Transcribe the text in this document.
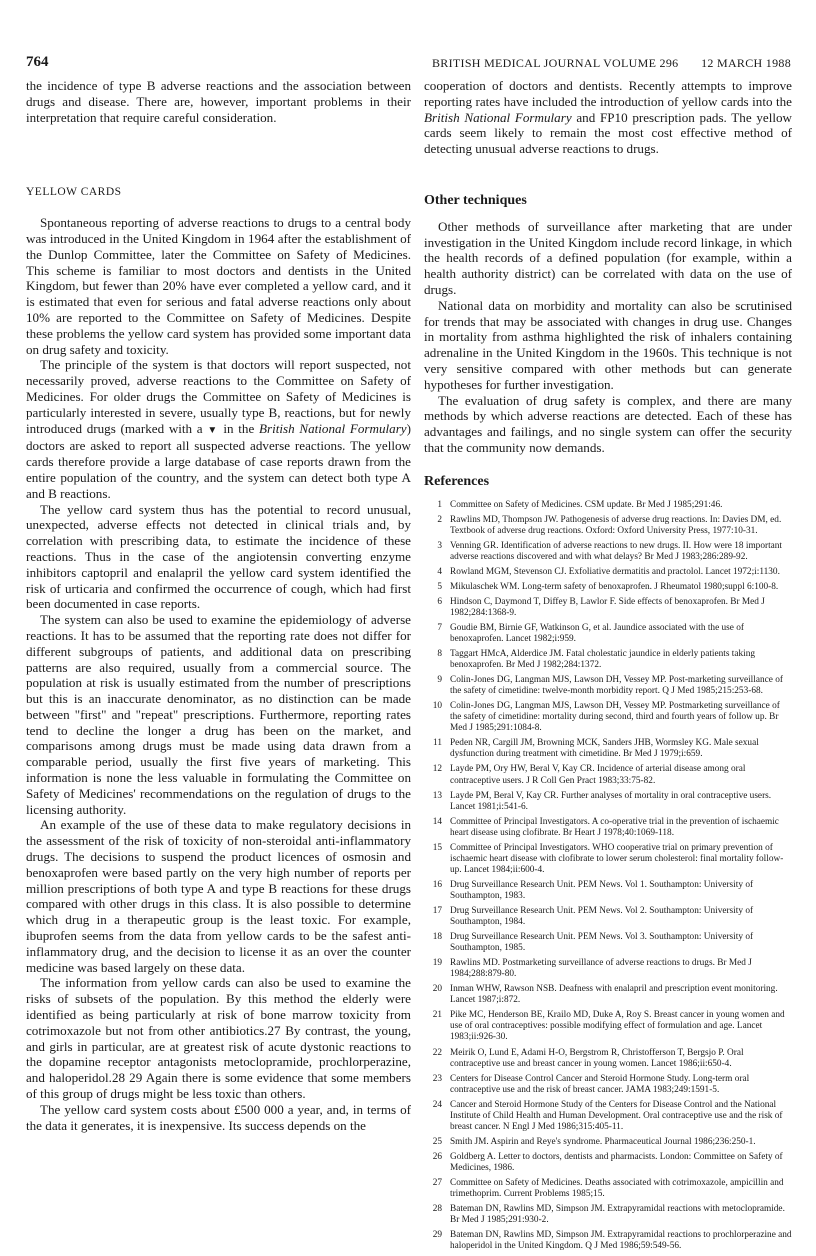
764	BRITISH MEDICAL JOURNAL VOLUME 296 12 MARCH 1988

the incidence of type B adverse reactions and the association between drugs and disease. There are, however, important problems in their interpretation that require careful consideration.

YELLOW CARDS

Spontaneous reporting of adverse reactions to drugs to a central body was introduced in the United Kingdom in 1964 after the establishment of the Dunlop Committee, later the Committee on Safety of Medicines. This scheme is familiar to most doctors and dentists in the United Kingdom, but fewer than 20% have ever completed a yellow card, and it is estimated that even for serious and fatal adverse reactions only about 10% are reported to the Committee on Safety of Medicines. Despite these problems the yellow card system has provided some important data on drug safety and toxicity.

The principle of the system is that doctors will report suspected, not necessarily proved, adverse reactions to the Committee on Safety of Medicines. For older drugs the Committee on Safety of Medicines is particularly interested in severe, usually type B, reactions, but for newly introduced drugs (marked with a ▼ in the British National Formulary) doctors are asked to report all suspected adverse reactions. The yellow cards therefore provide a large database of case reports drawn from the entire population of the country, and the system can detect both type A and B reactions.

The yellow card system thus has the potential to record unusual, unexpected, adverse effects not detected in clinical trials and, by correlation with prescribing data, to estimate the incidence of these reactions. Thus in the case of the angiotensin converting enzyme inhibitors captopril and enalapril the yellow card system identified the risk of urticaria and confirmed the occurrence of cough, which had first been documented in case reports.

The system can also be used to examine the epidemiology of adverse reactions. It has to be assumed that the reporting rate does not differ for different subgroups of patients, and additional data on prescribing patterns are also required, usually from a commercial source. The population at risk is usually estimated from the number of prescriptions but this is an inaccurate denominator, as no distinction can be made between "first" and "repeat" prescriptions. Furthermore, reporting rates tend to decline the longer a drug has been on the market, and comparisons among drugs must be made using data drawn from a comparable period, usually the first five years of marketing. This information is none the less valuable in formulating the Committee on Safety of Medicines' recommendations on the regulation of drugs to the licensing authority.

An example of the use of these data to make regulatory decisions in the assessment of the risk of toxicity of non-steroidal anti-inflammatory drugs. The decisions to suspend the product licences of osmosin and benoxaprofen were based partly on the very high number of reports per million prescriptions of both type A and type B reactions for these drugs compared with other drugs in this class. It is also possible to determine which drug in a therapeutic group is the least toxic. For example, ibuprofen seems from the data from yellow cards to be the safest anti-inflammatory drug, and the decision to license it as an over the counter medicine was based largely on these data.

The information from yellow cards can also be used to examine the risks of subsets of the population. By this method the elderly were identified as being particularly at risk of bone marrow toxicity from cotrimoxazole but not from other antibiotics.27 By contrast, the young, and girls in particular, are at greatest risk of acute dystonic reactions to the dopamine receptor antagonists metoclopramide, prochlorperazine, and haloperidol.28 29 Again there is some evidence that some members of this group of drugs might be less toxic than others.

The yellow card system costs about £500 000 a year, and, in terms of the data it generates, it is inexpensive. Its success depends on the

cooperation of doctors and dentists. Recently attempts to improve reporting rates have included the introduction of yellow cards into the British National Formulary and FP10 prescription pads. The yellow cards seem likely to remain the most cost effective method of detecting unusual adverse reactions to drugs.

Other techniques

Other methods of surveillance after marketing that are under investigation in the United Kingdom include record linkage, in which the health records of a defined population (for example, within a health authority district) can be correlated with data on the use of drugs.

National data on morbidity and mortality can also be scrutinised for trends that may be associated with changes in drug use. Changes in mortality from asthma highlighted the risk of inhalers containing adrenaline in the United Kingdom in the 1960s. This technique is not very sensitive compared with other methods but can generate hypotheses for further investigation.

The evaluation of drug safety is complex, and there are many methods by which adverse reactions are detected. Each of these has advantages and failings, and no single system can offer the security that the community now demands.

References
1 Committee on Safety of Medicines. CSM update. Br Med J 1985;291:46.
2 Rawlins MD, Thompson JW. Pathogenesis of adverse drug reactions. In: Davies DM, ed. Textbook of adverse drug reactions. Oxford: Oxford University Press, 1977:10-31.
3 Venning GR. Identification of adverse reactions to new drugs. II. How were 18 important adverse reactions discovered and with what delays? Br Med J 1983;286:289-92.
4 Rowland MGM, Stevenson CJ. Exfoliative dermatitis and practolol. Lancet 1972;i:1130.
5 Mikulaschek WM. Long-term safety of benoxaprofen. J Rheumatol 1980;suppl 6:100-8.
6 Hindson C, Daymond T, Diffey B, Lawlor F. Side effects of benoxaprofen. Br Med J 1982;284:1368-9.
7 Goudie BM, Birnie GF, Watkinson G, et al. Jaundice associated with the use of benoxaprofen. Lancet 1982;i:959.
8 Taggart HMcA, Alderdice JM. Fatal cholestatic jaundice in elderly patients taking benoxaprofen. Br Med J 1982;284:1372.
9 Colin-Jones DG, Langman MJS, Lawson DH, Vessey MP. Post-marketing surveillance of the safety of cimetidine: twelve-month morbidity report. Q J Med 1985;215:253-68.
10 Colin-Jones DG, Langman MJS, Lawson DH, Vessey MP. Postmarketing surveillance of the safety of cimetidine: mortality during second, third and fourth years of follow up. Br Med J 1985;291:1084-8.
11 Peden NR, Cargill JM, Browning MCK, Sanders JHB, Wormsley KG. Male sexual dysfunction during treatment with cimetidine. Br Med J 1979;i:659.
12 Layde PM, Ory HW, Beral V, Kay CR. Incidence of arterial disease among oral contraceptive users. J R Coll Gen Pract 1983;33:75-82.
13 Layde PM, Beral V, Kay CR. Further analyses of mortality in oral contraceptive users. Lancet 1981;i:541-6.
14 Committee of Principal Investigators. A co-operative trial in the prevention of ischaemic heart disease using clofibrate. Br Heart J 1978;40:1069-118.
15 Committee of Principal Investigators. WHO cooperative trial on primary prevention of ischaemic heart disease with clofibrate to lower serum cholesterol: final mortality follow-up. Lancet 1984;ii:600-4.
16 Drug Surveillance Research Unit. PEM News. Vol 1. Southampton: University of Southampton, 1983.
17 Drug Surveillance Research Unit. PEM News. Vol 2. Southampton: University of Southampton, 1984.
18 Drug Surveillance Research Unit. PEM News. Vol 3. Southampton: University of Southampton, 1985.
19 Rawlins MD. Postmarketing surveillance of adverse reactions to drugs. Br Med J 1984;288:879-80.
20 Inman WHW, Rawson NSB. Deafness with enalapril and prescription event monitoring. Lancet 1987;i:872.
21 Pike MC, Henderson BE, Krailo MD, Duke A, Roy S. Breast cancer in young women and use of oral contraceptives: possible modifying effect of formulation and age. Lancet 1983;ii:926-30.
22 Meirik O, Lund E, Adami H-O, Bergstrom R, Christofferson T, Bergsjo P. Oral contraceptive use and breast cancer in young women. Lancet 1986;ii:650-4.
23 Centers for Disease Control Cancer and Steroid Hormone Study. Long-term oral contraceptive use and the risk of breast cancer. JAMA 1983;249:1591-5.
24 Cancer and Steroid Hormone Study of the Centers for Disease Control and the National Institute of Child Health and Human Development. Oral contraceptive use and the risk of breast cancer. N Engl J Med 1986;315:405-11.
25 Smith JM. Aspirin and Reye's syndrome. Pharmaceutical Journal 1986;236:250-1.
26 Goldberg A. Letter to doctors, dentists and pharmacists. London: Committee on Safety of Medicines, 1986.
27 Committee on Safety of Medicines. Deaths associated with cotrimoxazole, ampicillin and trimethoprim. Current Problems 1985;15.
28 Bateman DN, Rawlins MD, Simpson JM. Extrapyramidal reactions with metoclopramide. Br Med J 1985;291:930-2.
29 Bateman DN, Rawlins MD, Simpson JM. Extrapyramidal reactions to prochlorperazine and haloperidol in the United Kingdom. Q J Med 1986;59:549-56.
